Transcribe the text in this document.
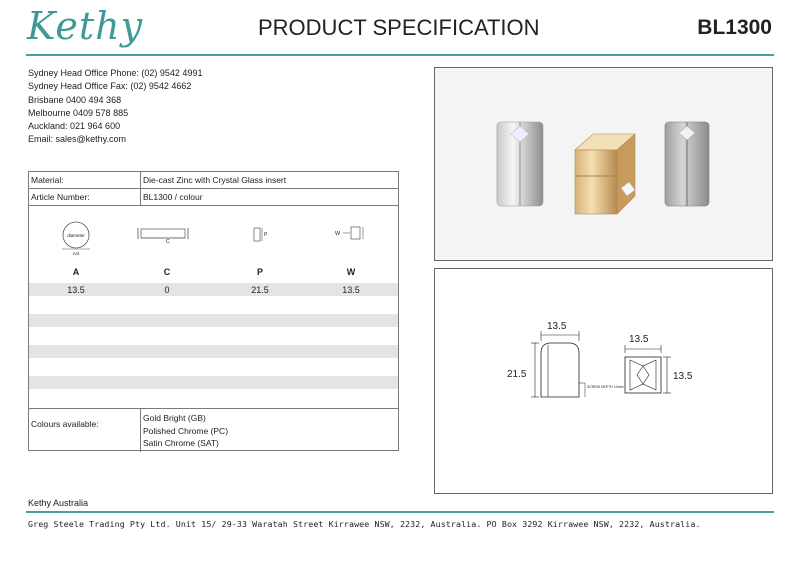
Kethy	PRODUCT SPECIFICATION	BL1300
Sydney Head Office Phone: (02) 9542 4991
Sydney Head Office Fax: (02) 9542 4662
Brisbane 0400 494 368
Melbourne 0409 578 885
Auckland: 021 964 600
Email: sales@kethy.com
Material:	Die-cast Zinc with Crystal Glass insert
Article Number:	BL1300 / colour
Colours available:
Gold Bright (GB)
Polished Chrome (PC)
Satin Chrome (SAT)
diameter
A/4
C
P	W
A	C	P	W
13.5	0	21.5	13.5
13.5
21.5
SCREW DEPTH 10mm
13.5
13.5
Kethy Australia
Greg Steele Trading Pty Ltd. Unit 15/ 29-33 Waratah Street Kirrawee NSW, 2232, Australia. PO Box 3292 Kirrawee NSW, 2232, Australia.
